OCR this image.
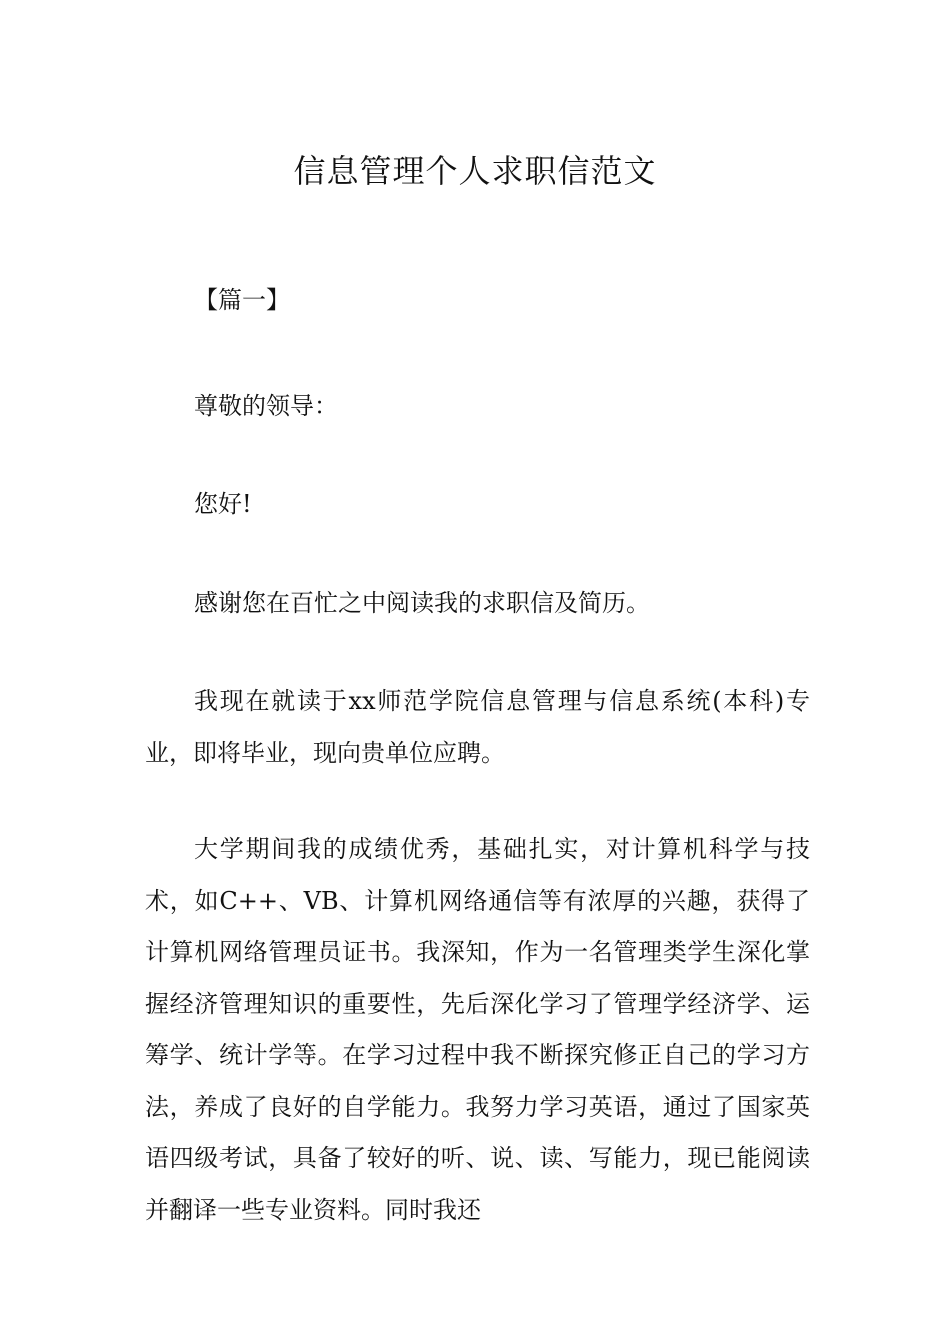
信息管理个人求职信范文
【篇一】

尊敬的领导：

您好!

感谢您在百忙之中阅读我的求职信及简历。

我现在就读于xx师范学院信息管理与信息系统(本科)专业，即将毕业，现向贵单位应聘。

大学期间我的成绩优秀，基础扎实，对计算机科学与技术，如C++、VB、计算机网络通信等有浓厚的兴趣，获得了计算机网络管理员证书。我深知，作为一名管理类学生深化掌握经济管理知识的重要性，先后深化学习了管理学经济学、运筹学、统计学等。在学习过程中我不断探究修正自己的学习方法，养成了良好的自学能力。我努力学习英语，通过了国家英语四级考试，具备了较好的听、说、读、写能力，现已能阅读并翻译一些专业资料。同时我还
